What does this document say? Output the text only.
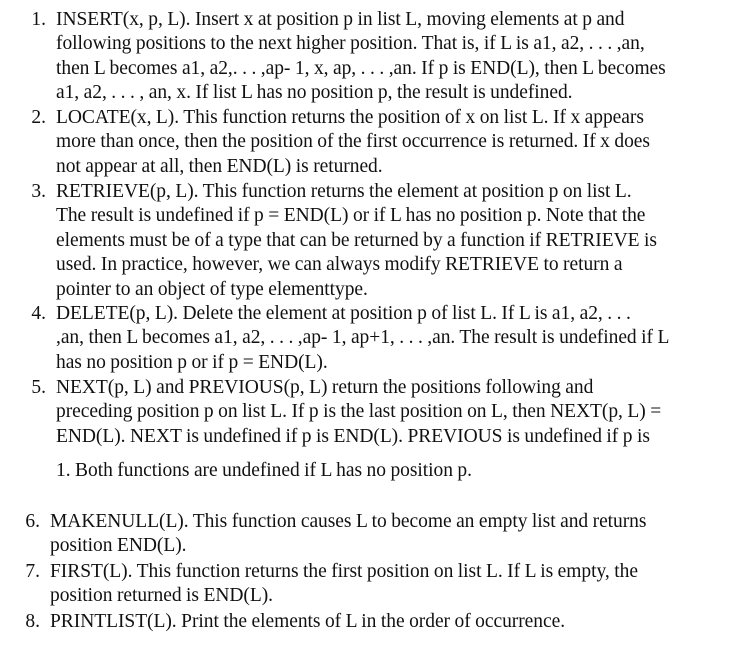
1. INSERT(x, p, L). Insert x at position p in list L, moving elements at p and
following positions to the next higher position. That is, if L is a1, a2, . . . ,an,
then L becomes a1, a2,. . . ,ap- 1, x, ap, . . . ,an. If p is END(L), then L becomes
a1, a2, . . . , an, x. If list L has no position p, the result is undefined.
2. LOCATE(x, L). This function returns the position of x on list L. If x appears
more than once, then the position of the first occurrence is returned. If x does
not appear at all, then END(L) is returned.
3. RETRIEVE(p, L). This function returns the element at position p on list L.
The result is undefined if p = END(L) or if L has no position p. Note that the
elements must be of a type that can be returned by a function if RETRIEVE is
used. In practice, however, we can always modify RETRIEVE to return a
pointer to an object of type elementtype.
4. DELETE(p, L). Delete the element at position p of list L. If L is a1, a2, . . .
,an, then L becomes a1, a2, . . . ,ap- 1, ap+1, . . . ,an. The result is undefined if L
has no position p or if p = END(L).
5. NEXT(p, L) and PREVIOUS(p, L) return the positions following and
preceding position p on list L. If p is the last position on L, then NEXT(p, L) =
END(L). NEXT is undefined if p is END(L). PREVIOUS is undefined if p is
1. Both functions are undefined if L has no position p.
6. MAKENULL(L). This function causes L to become an empty list and returns
position END(L).
7. FIRST(L). This function returns the first position on list L. If L is empty, the
position returned is END(L).
8. PRINTLIST(L). Print the elements of L in the order of occurrence.
